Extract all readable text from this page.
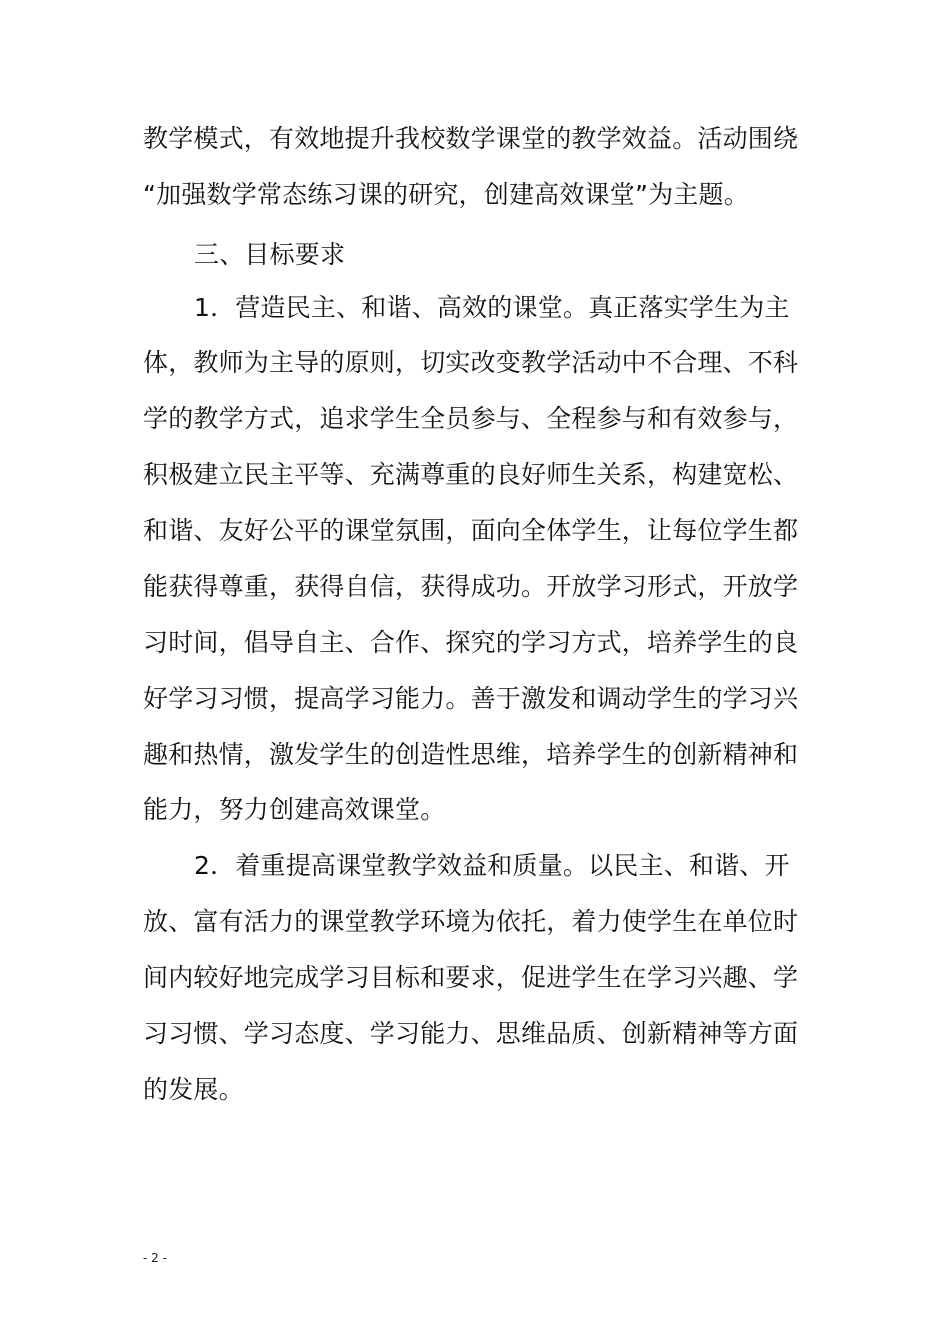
教学模式，有效地提升我校数学课堂的教学效益。活动围绕
“加强数学常态练习课的研究，创建高效课堂”为主题。
三、目标要求
1．营造民主、和谐、高效的课堂。真正落实学生为主
体，教师为主导的原则，切实改变教学活动中不合理、不科
学的教学方式，追求学生全员参与、全程参与和有效参与，
积极建立民主平等、充满尊重的良好师生关系，构建宽松、
和谐、友好公平的课堂氛围，面向全体学生，让每位学生都
能获得尊重，获得自信，获得成功。开放学习形式，开放学
习时间，倡导自主、合作、探究的学习方式，培养学生的良
好学习习惯，提高学习能力。善于激发和调动学生的学习兴
趣和热情，激发学生的创造性思维，培养学生的创新精神和
能力，努力创建高效课堂。
2．着重提高课堂教学效益和质量。以民主、和谐、开
放、富有活力的课堂教学环境为依托，着力使学生在单位时
间内较好地完成学习目标和要求，促进学生在学习兴趣、学
习习惯、学习态度、学习能力、思维品质、创新精神等方面
的发展。
- 2 -
